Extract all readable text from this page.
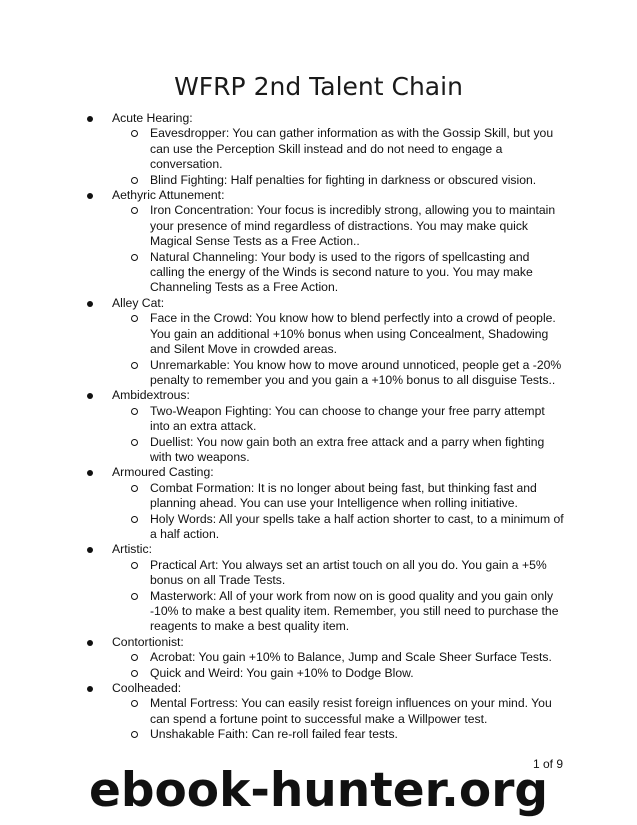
WFRP 2nd Talent Chain
Acute Hearing:
Eavesdropper: You can gather information as with the Gossip Skill, but you can use the Perception Skill instead and do not need to engage a conversation.
Blind Fighting: Half penalties for fighting in darkness or obscured vision.
Aethyric Attunement:
Iron Concentration: Your focus is incredibly strong, allowing you to maintain your presence of mind regardless of distractions. You may make quick Magical Sense Tests as a Free Action..
Natural Channeling: Your body is used to the rigors of spellcasting and calling the energy of the Winds is second nature to you. You may make Channeling Tests as a Free Action.
Alley Cat:
Face in the Crowd: You know how to blend perfectly into a crowd of people. You gain an additional +10% bonus when using Concealment, Shadowing and Silent Move in crowded areas.
Unremarkable: You know how to move around unnoticed, people get a -20% penalty to remember you and you gain a +10% bonus to all disguise Tests..
Ambidextrous:
Two-Weapon Fighting: You can choose to change your free parry attempt into an extra attack.
Duellist: You now gain both an extra free attack and a parry when fighting with two weapons.
Armoured Casting:
Combat Formation: It is no longer about being fast, but thinking fast and planning ahead. You can use your Intelligence when rolling initiative.
Holy Words: All your spells take a half action shorter to cast, to a minimum of a half action.
Artistic:
Practical Art: You always set an artist touch on all you do. You gain a +5% bonus on all Trade Tests.
Masterwork: All of your work from now on is good quality and you gain only -10% to make a best quality item. Remember, you still need to purchase the reagents to make a best quality item.
Contortionist:
Acrobat: You gain +10% to Balance, Jump and Scale Sheer Surface Tests.
Quick and Weird: You gain +10% to Dodge Blow.
Coolheaded:
Mental Fortress: You can easily resist foreign influences on your mind. You can spend a fortune point to successful make a Willpower test.
Unshakable Faith: Can re-roll failed fear tests.
1 of 9
ebook-hunter.org
